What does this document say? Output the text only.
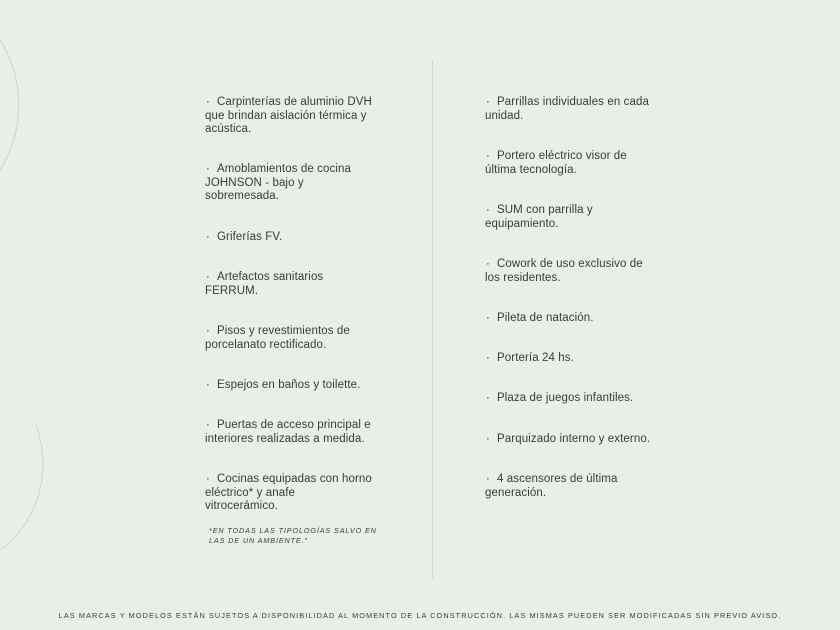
· Carpinterías de aluminio DVH
que brindan aislación térmica y
acústica.
· Amoblamientos de cocina
JOHNSON - bajo y
sobremesada.
· Griferías FV.
· Artefactos sanitarios
FERRUM.
· Pisos y revestimientos de
porcelanato rectificado.
· Espejos en baños y toilette.
· Puertas de acceso principal e
interiores realizadas a medida.
· Cocinas equipadas con horno
eléctrico* y anafe
vitrocerámico.
*EN TODAS LAS TIPOLOGÍAS SALVO EN
LAS DE UN AMBIENTE."
· Parrillas individuales en cada
unidad.
· Portero eléctrico visor de
última tecnología.
· SUM con parrilla y
equipamiento.
· Cowork de uso exclusivo de
los residentes.
· Pileta de natación.
· Portería 24 hs.
· Plaza de juegos infantiles.
· Parquizado interno y externo.
· 4 ascensores de última
generación.
LAS MARCAS Y MODELOS ESTÁN SUJETOS A DISPONIBILIDAD AL MOMENTO DE LA CONSTRUCCIÓN. LAS MISMAS PUEDEN SER MODIFICADAS SIN PREVIO AVISO.
